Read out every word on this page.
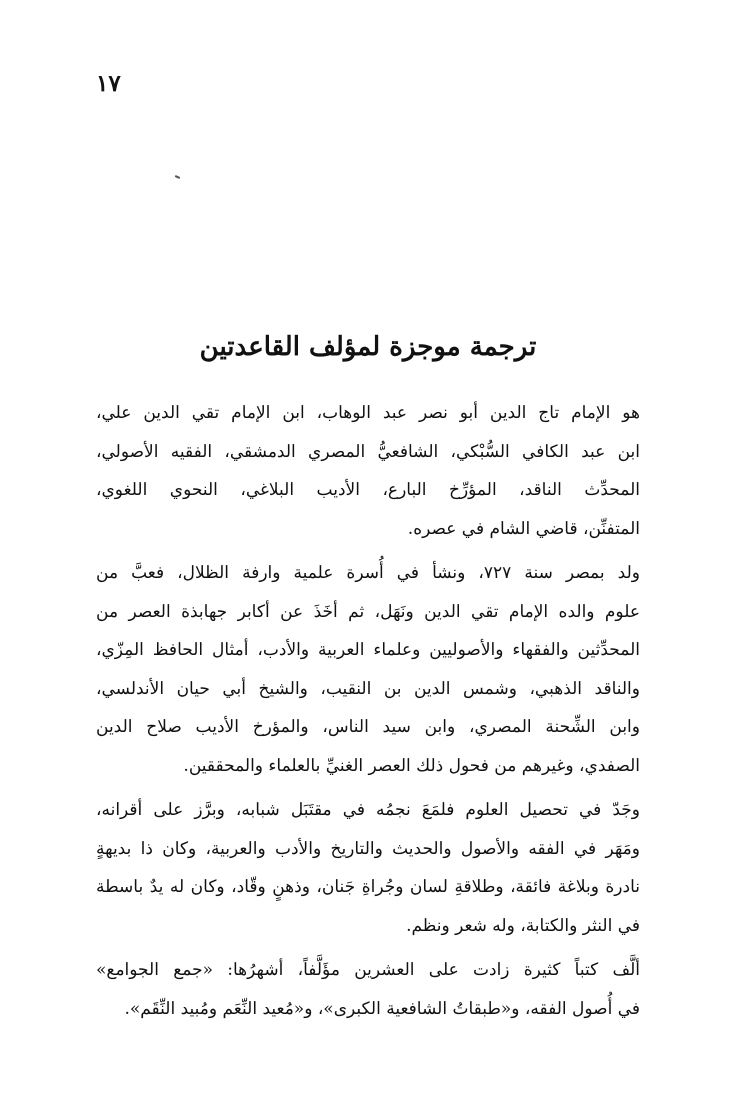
١٧
ترجمة موجزة لمؤلف القاعدتين

هو الإمام تاج الدين أبو نصر عبد الوهاب، ابن الإمام تقي الدين علي،
ابن عبد الكافي السُّبْكي، الشافعيُّ المصري الدمشقي، الفقيه الأصولي،
المحدِّث الناقد، المؤرِّخ البارع، الأديب البلاغي، النحوي اللغوي،
المتفنِّن، قاضي الشام في عصره.

ولد بمصر سنة ٧٢٧، ونشأ في أُسرة علمية وارفة الظلال، فعبَّ من
علوم والده الإمام تقي الدين ونَهَل، ثم أخَذَ عن أكابر جهابذة العصر من
المحدِّثين والفقهاء والأصوليين وعلماء العربية والأدب، أمثال الحافظ المِزّي،
والناقد الذهبي، وشمس الدين بن النقيب، والشيخ أبي حيان الأندلسي،
وابن الشِّحنة المصري، وابن سيد الناس، والمؤرخ الأديب صلاح الدين
الصفدي، وغيرهم من فحول ذلك العصر الغنيِّ بالعلماء والمحققين.

وجَدّ في تحصيل العلوم فلمَعَ نجمُه في مقتَبَل شبابه، وبرَّز على أقرانه،
ومَهَر في الفقه والأصول والحديث والتاريخ والأدب والعربية، وكان ذا بديهةٍ
نادرة وبلاغة فائقة، وطلاقةِ لسان وجُراةِ جَنان، وذهنٍ وقّاد، وكان له يدٌ باسطة
في النثر والكتابة، وله شعر ونظم.

ألَّف كتباً كثيرة زادت على العشرين مؤَلَّفاً، أشهرُها: «جمع الجوامع»
في أُصول الفقه، و«طبقاتُ الشافعية الكبرى»، و«مُعيد النِّعَم ومُبيد النِّقَم».
